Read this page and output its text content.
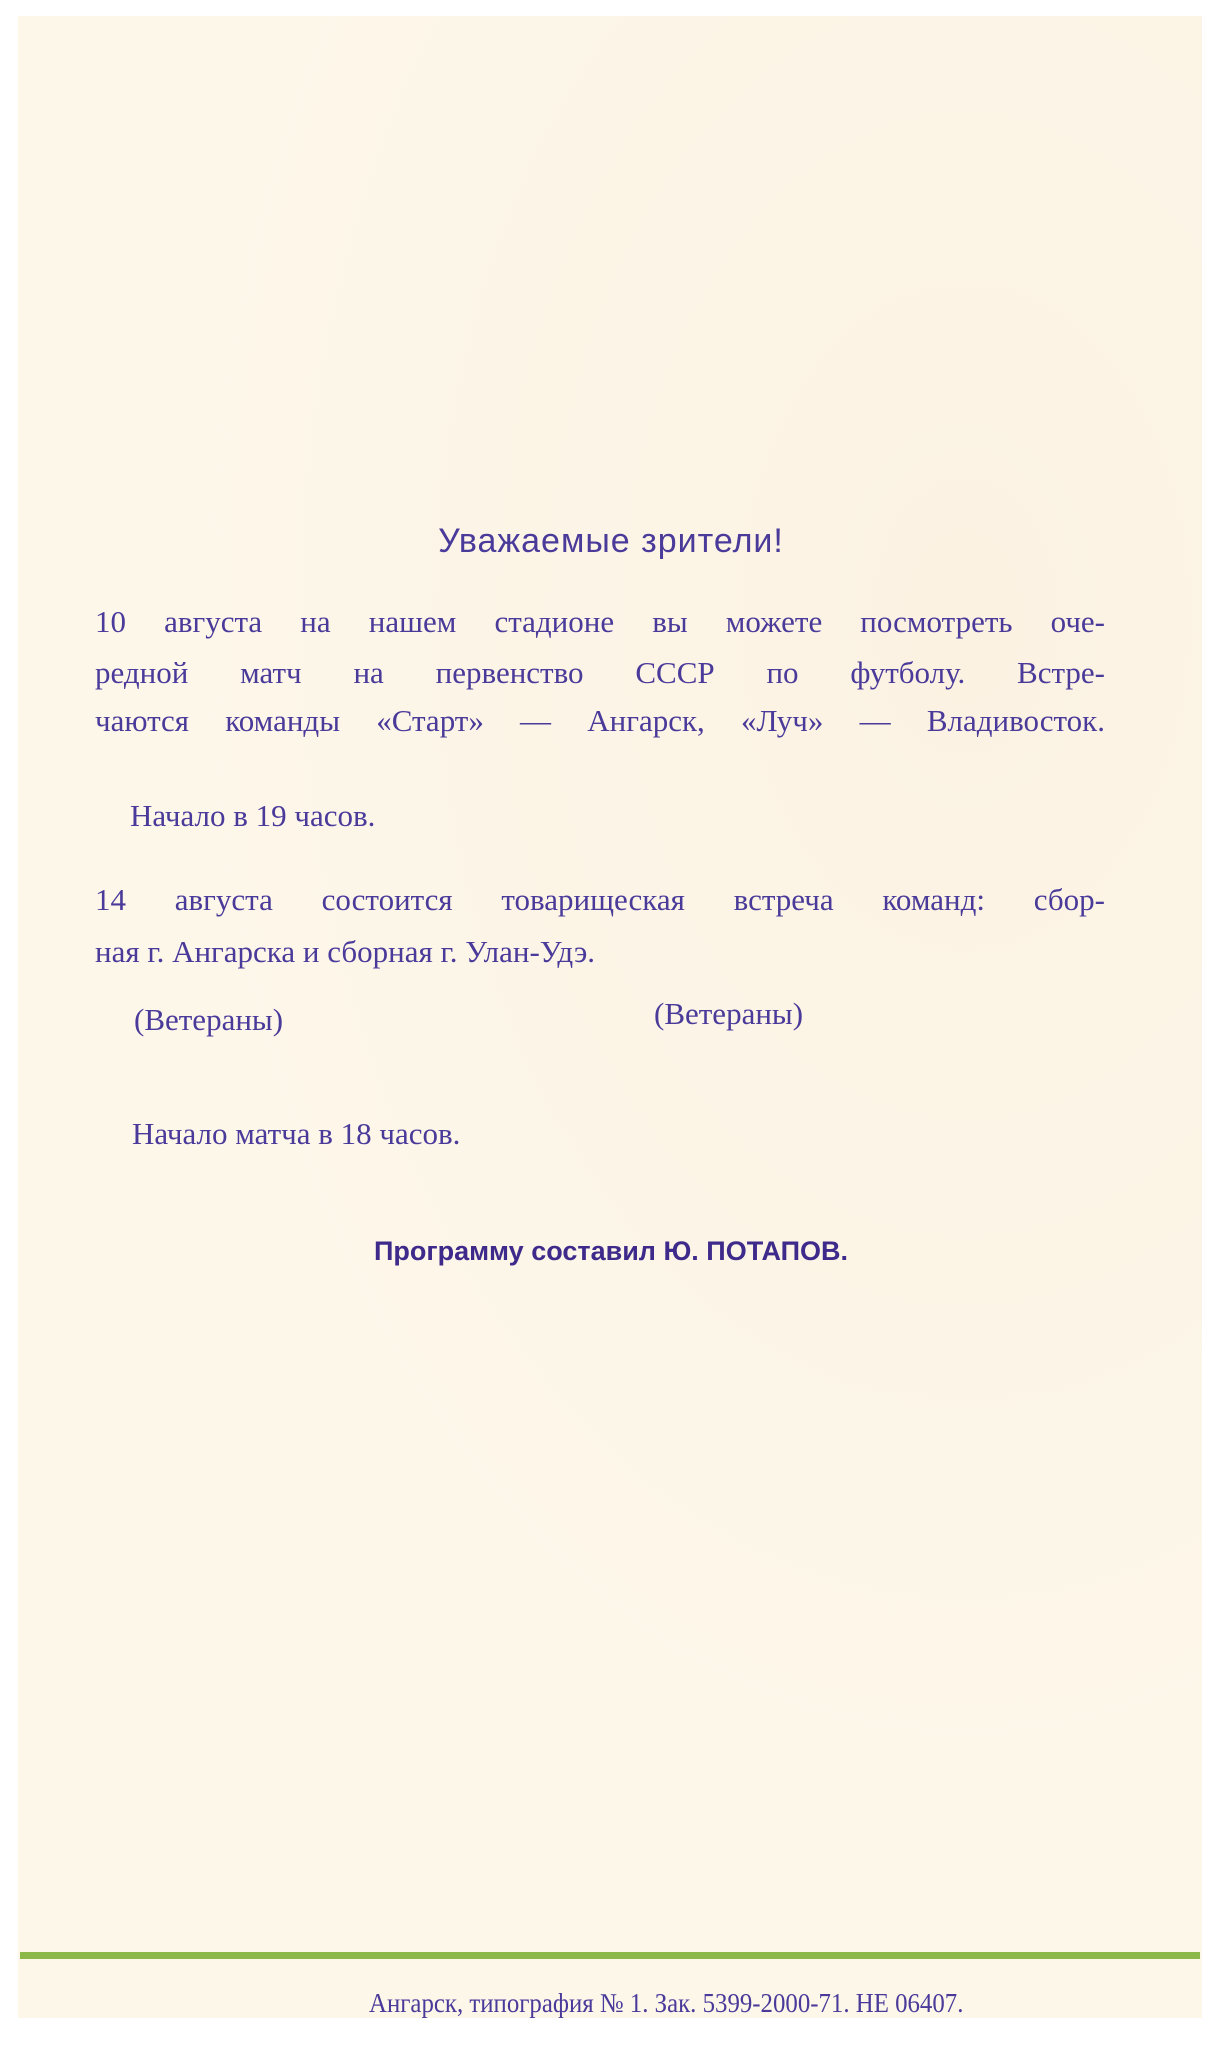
Уважаемые зрители!
10 августа на нашем стадионе вы можете посмотреть оче-
редной матч на первенство СССР по футболу. Встре-
чаются команды «Старт» — Ангарск, «Луч» — Владивосток.
Начало в 19 часов.
14 августа состоится товарищеская встреча команд: сбор-
ная г. Ангарска и сборная г. Улан-Удэ.
(Ветераны)	(Ветераны)
Начало матча в 18 часов.
Программу составил Ю. ПОТАПОВ.
Ангарск, типография № 1. Зак. 5399-2000-71. НЕ 06407.
